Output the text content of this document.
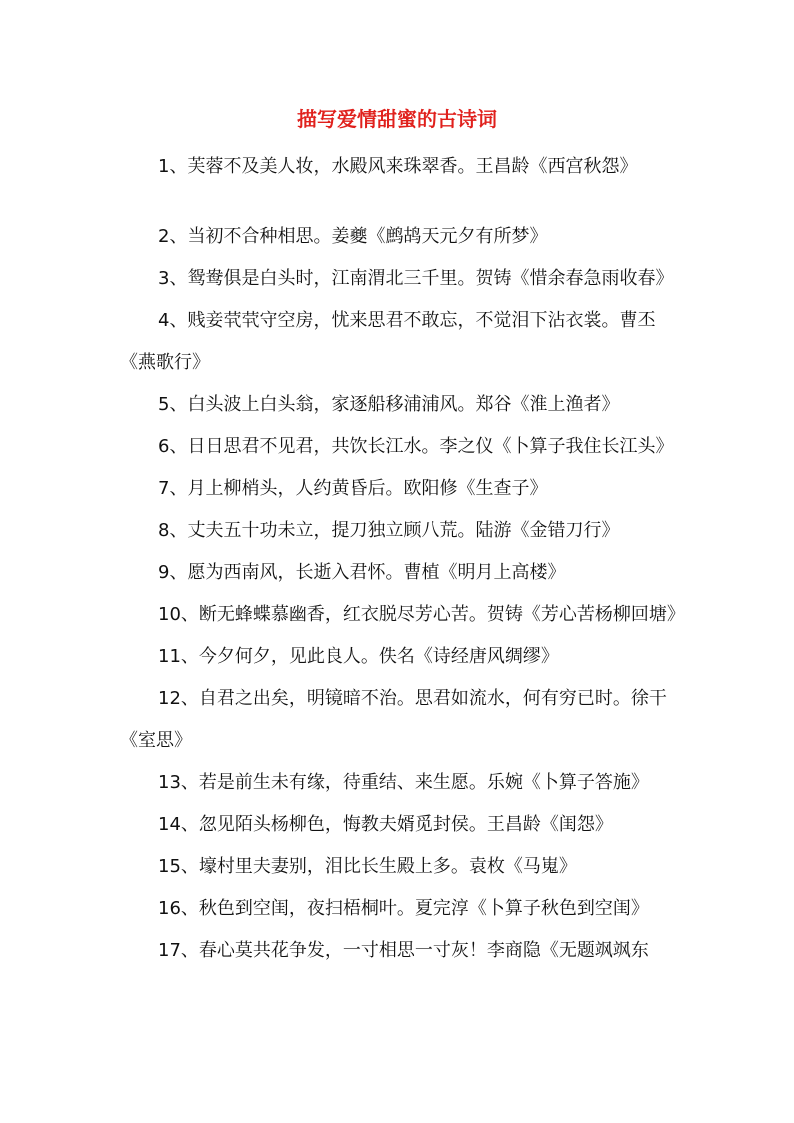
描写爱情甜蜜的古诗词

1、芙蓉不及美人妆，水殿风来珠翠香。王昌龄《西宫秋怨》

2、当初不合种相思。姜夔《鹧鸪天元夕有所梦》

3、鸳鸯俱是白头时，江南渭北三千里。贺铸《惜余春急雨收春》

4、贱妾茕茕守空房，忧来思君不敢忘，不觉泪下沾衣裳。曹丕《燕歌行》

5、白头波上白头翁，家逐船移浦浦风。郑谷《淮上渔者》

6、日日思君不见君，共饮长江水。李之仪《卜算子我住长江头》

7、月上柳梢头，人约黄昏后。欧阳修《生查子》

8、丈夫五十功未立，提刀独立顾八荒。陆游《金错刀行》

9、愿为西南风，长逝入君怀。曹植《明月上高楼》

10、断无蜂蝶慕幽香，红衣脱尽芳心苦。贺铸《芳心苦杨柳回塘》

11、今夕何夕，见此良人。佚名《诗经唐风绸缪》

12、自君之出矣，明镜暗不治。思君如流水，何有穷已时。徐干《室思》

13、若是前生未有缘，待重结、来生愿。乐婉《卜算子答施》

14、忽见陌头杨柳色，悔教夫婿觅封侯。王昌龄《闺怨》

15、壕村里夫妻别，泪比长生殿上多。袁枚《马嵬》

16、秋色到空闺，夜扫梧桐叶。夏完淳《卜算子秋色到空闺》

17、春心莫共花争发，一寸相思一寸灰！李商隐《无题飒飒东
